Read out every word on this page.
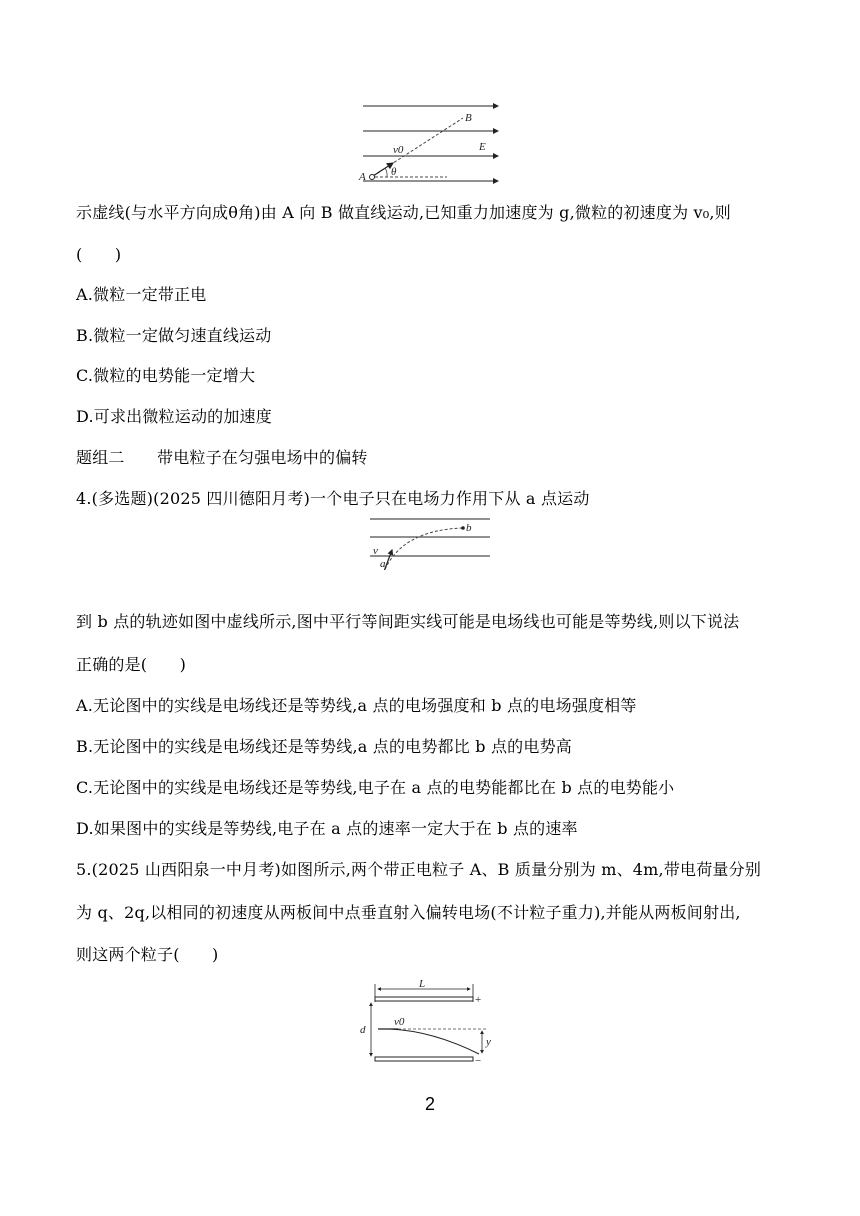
B
v0	E
A θ
示虚线(与水平方向成θ角)由 A 向 B 做直线运动,已知重力加速度为 g,微粒的初速度为 v₀,则
(　　)
A.微粒一定带正电
B.微粒一定做匀速直线运动
C.微粒的电势能一定增大
D.可求出微粒运动的加速度
题组二　　带电粒子在匀强电场中的偏转
4.(多选题)(2025 四川德阳月考)一个电子只在电场力作用下从 a 点运动
b
v
a
到 b 点的轨迹如图中虚线所示,图中平行等间距实线可能是电场线也可能是等势线,则以下说法
正确的是(　　)
A.无论图中的实线是电场线还是等势线,a 点的电场强度和 b 点的电场强度相等
B.无论图中的实线是电场线还是等势线,a 点的电势都比 b 点的电势高
C.无论图中的实线是电场线还是等势线,电子在 a 点的电势能都比在 b 点的电势能小
D.如果图中的实线是等势线,电子在 a 点的速率一定大于在 b 点的速率
5.(2025 山西阳泉一中月考)如图所示,两个带正电粒子 A、B 质量分别为 m、4m,带电荷量分别
为 q、2q,以相同的初速度从两板间中点垂直射入偏转电场(不计粒子重力),并能从两板间射出,
则这两个粒子(　　)
L
+
d
v0
y
−
2
